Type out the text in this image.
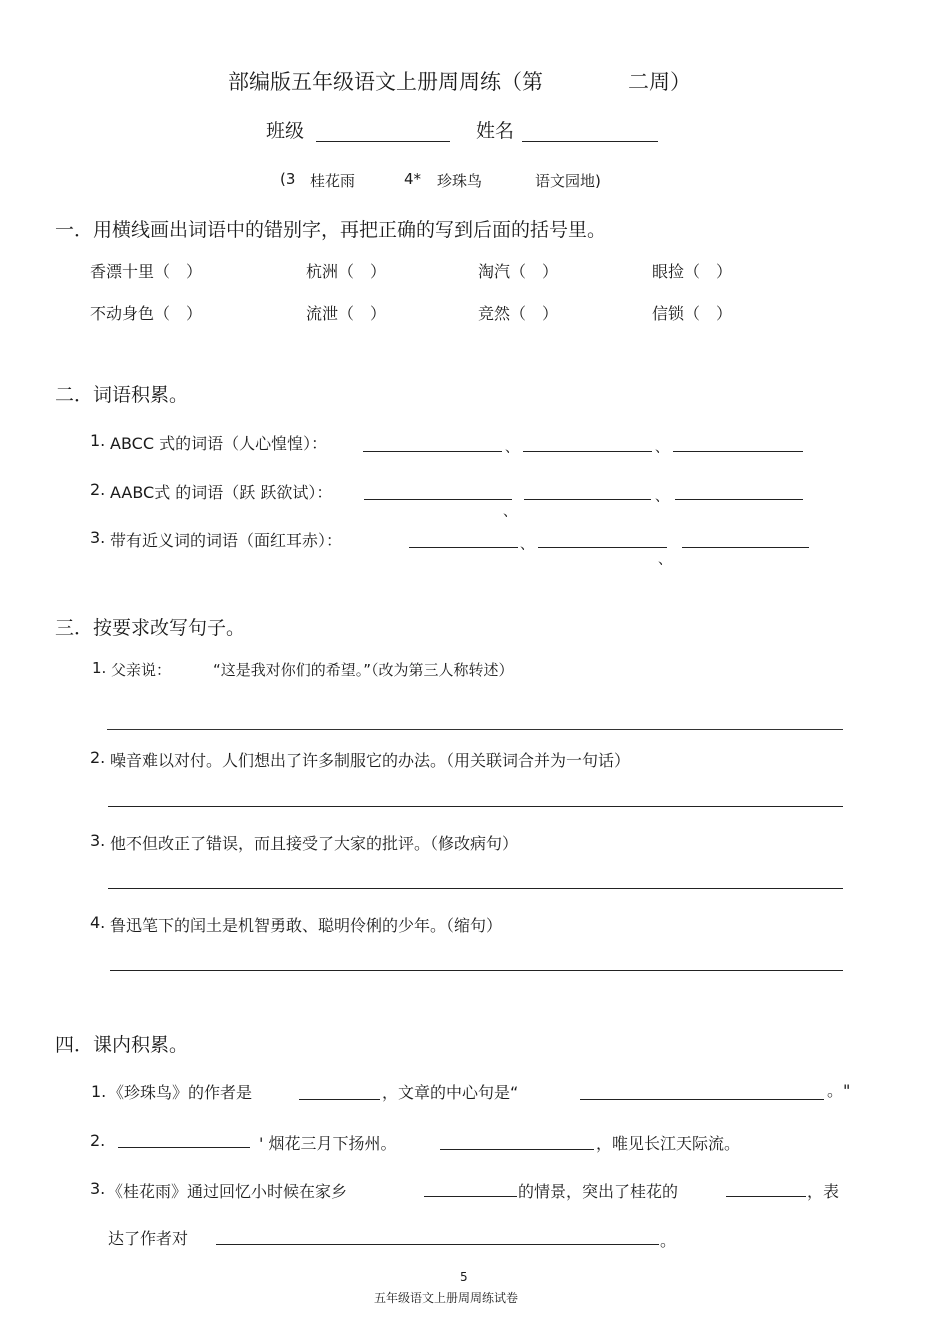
部编版五年级语文上册周周练（第	二周）
班级	姓名
(3 桂花雨	4* 珍珠鸟	语文园地)
一．用横线画出词语中的错别字，再把正确的写到后面的括号里。
香漂十里（　）	杭洲（　）	淘汽（　）	眼捡（　）
不动身色（　）	流泄（　）	竞然（　）	信锁（　）
二．词语积累。
1. ABCC 式的词语（人心惶惶）：	、	、
2. AABC式 的词语（跃 跃欲试）：
、
、
3. 带有近义词的词语（面红耳赤）：	、
、
三．按要求改写句子。
1. 父亲说：	“这是我对你们的希望。”（改为第三人称转述）
2. 噪音难以对付。人们想出了许多制服它的办法。（用关联词合并为一句话）
3. 他不但改正了错误，而且接受了大家的批评。（修改病句）
4. 鲁迅笔下的闰土是机智勇敢、聪明伶俐的少年。（缩句）
四．课内积累。
1. 《珍珠鸟》的作者是	，文章的中心句是“	。"
2.	' 烟花三月下扬州。	，唯见长江天际流。
3. 《桂花雨》通过回忆小时候在家乡	的情景，突出了桂花的	，表
达了作者对	。
5
五年级语文上册周周练试卷
